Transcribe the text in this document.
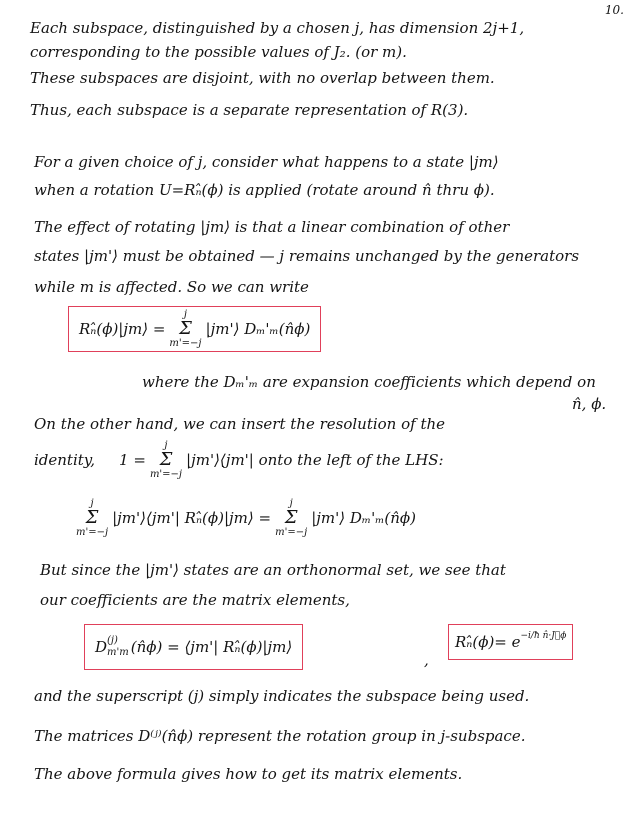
10.
Each subspace, distinguished by a chosen j, has dimension 2j+1,
corresponding to the possible values of J₂. (or m).
These subspaces are disjoint, with no overlap between them.
Thus, each subspace is a separate representation of R(3).
For a given choice of j, consider what happens to a state |jm⟩
when a rotation U=Rₙ̂(ϕ) is applied (rotate around n̂ thru ϕ).
The effect of rotating |jm⟩ is that a linear combination of other
states |jm'⟩ must be obtained — j remains unchanged by the generators
while m is affected. So we can write
Rₙ̂(ϕ)|jm⟩ =
j
Σ
m'=−j
|jm'⟩ Dₘ'ₘ(n̂ϕ)
where the Dₘ'ₘ are expansion coefficients which depend on
n̂, ϕ.
On the other hand, we can insert the resolution of the
identity, 1 =
j
Σ
m'=−j
|jm'⟩⟨jm'| onto the left of the LHS:
j
Σ
m'=−j
|jm'⟩⟨jm'| Rₙ̂(ϕ)|jm⟩ =
j
Σ
m'=−j
|jm'⟩ Dₘ'ₘ(n̂ϕ)
But since the |jm'⟩ states are an orthonormal set, we see that
our coefficients are the matrix elements,
D (j)
m'm (n̂ϕ) = ⟨jm'| Rₙ̂(ϕ)|jm⟩
,
Rₙ̂(ϕ)= $e^{-i/ħ n̂\cdot J⃗\phi}$
and the superscript (j) simply indicates the subspace being used.
The matrices D⁽ʲ⁾(n̂ϕ) represent the rotation group in j-subspace.
The above formula gives how to get its matrix elements.
